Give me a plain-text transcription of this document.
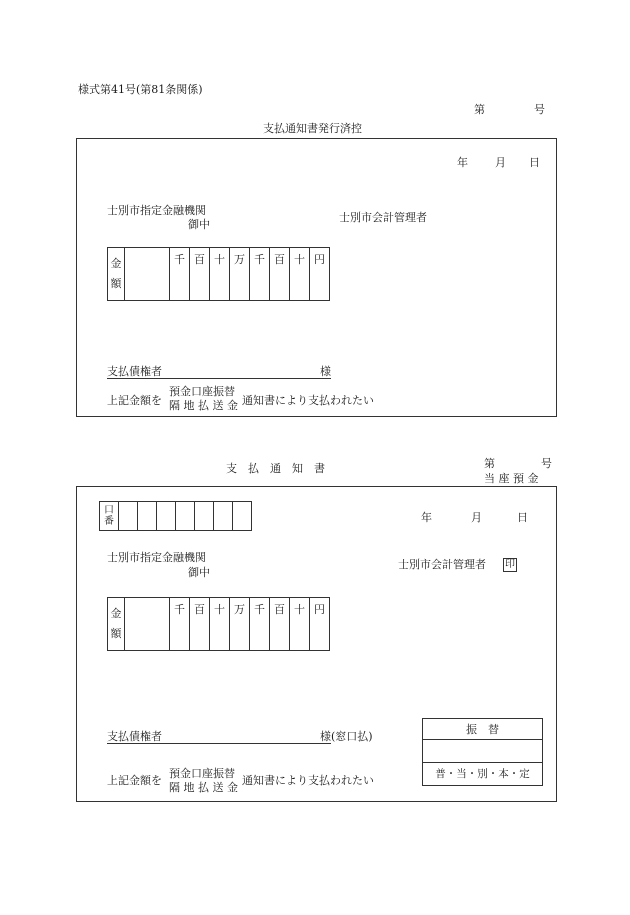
様式第41号(第81条関係)
第	号
支払通知書発行済控
年 月 日
士別市指定金融機関
御中
士別市会計管理者
金
額		千	百	十	万	千	百	十	円
支払債権者	様
上記金額を
預金口座振替
隔 地 払 送 金 通知書により支払われたい
支　払　通　知　書	第	号
当 座 預 金
口
番								年	月	日
士別市指定金融機関
御中
士別市会計管理者 印
金
額		千	百	十	万	千	百	十	円
支払債権者	様(窓口払)
上記金額を
預金口座振替
隔 地 払 送 金
通知書により支払われたい
振　替
普・当・別・本・定
